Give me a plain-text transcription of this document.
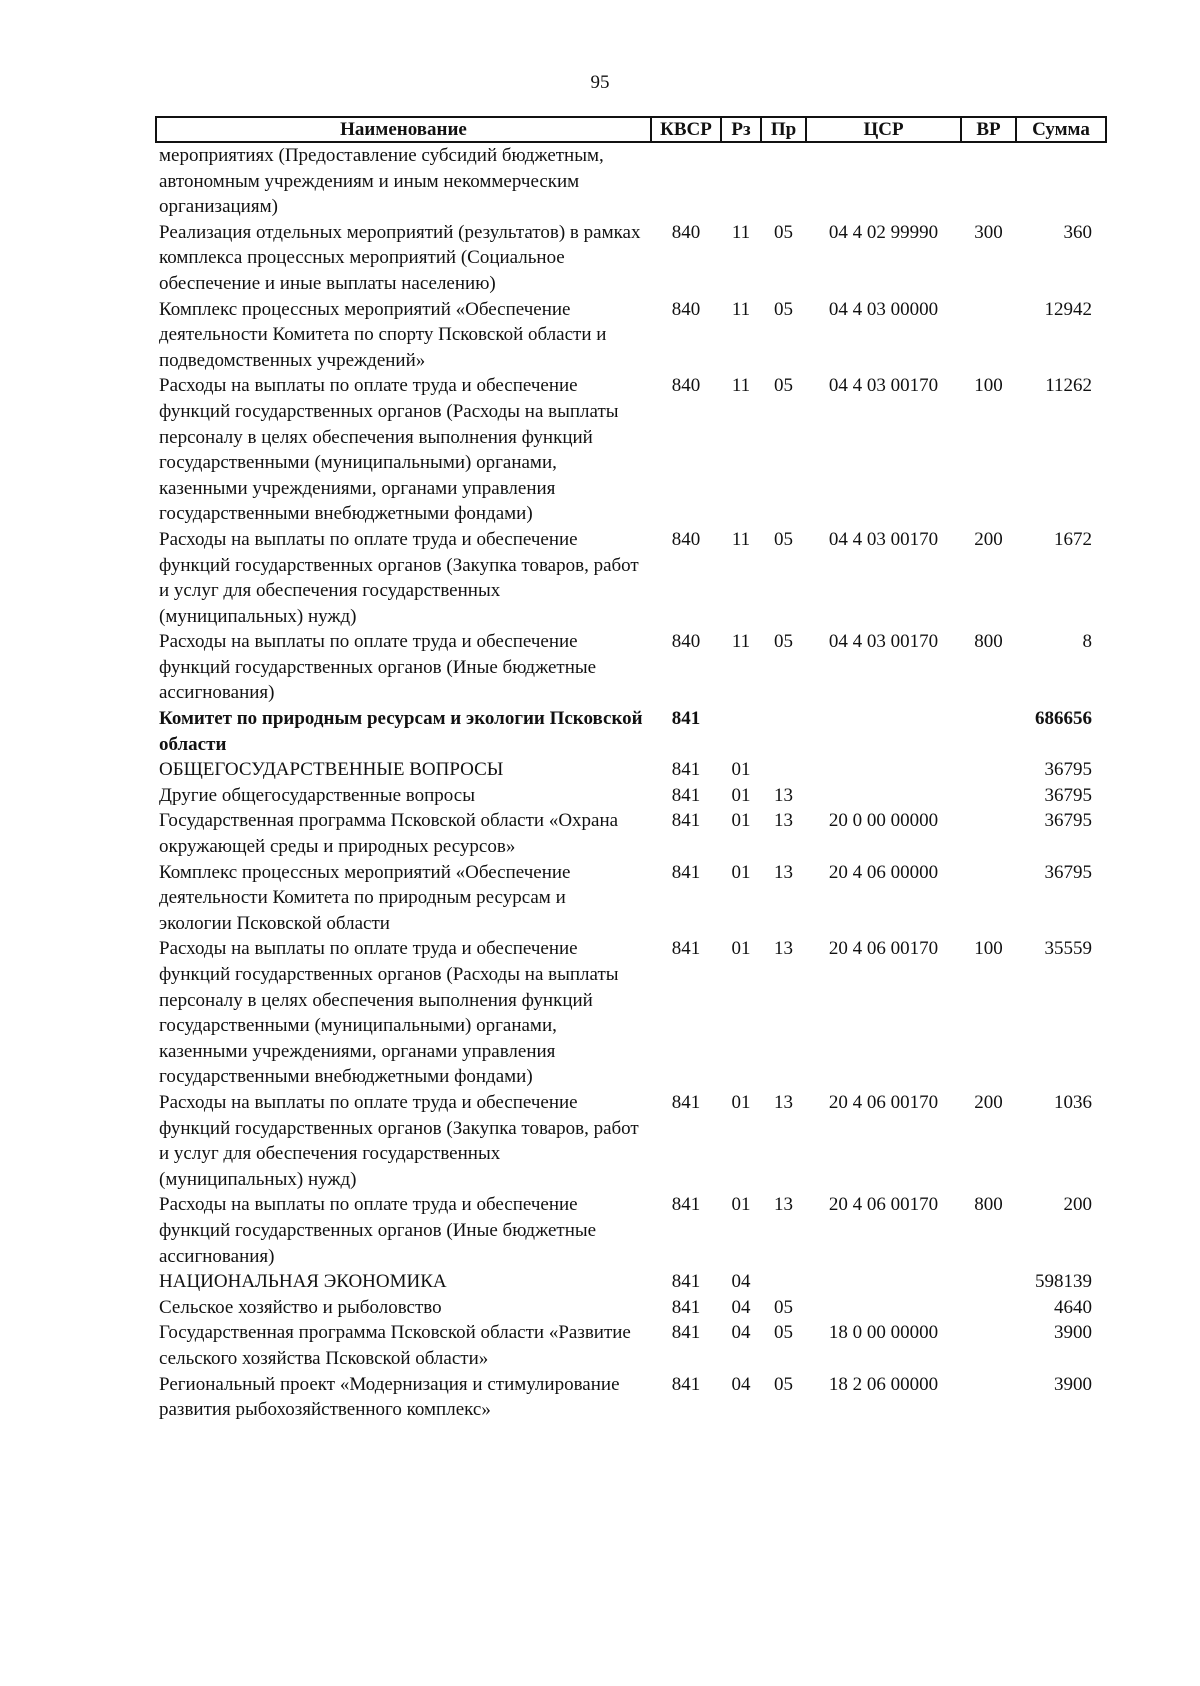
95
Наименование	КВСР	Рз	Пр	ЦСР	ВР	Сумма
мероприятиях (Предоставление субсидий бюджетным, автономным учреждениям и иным некоммерческим организациям)						
Реализация отдельных мероприятий (результатов) в рамках комплекса процессных мероприятий (Социальное обеспечение и иные выплаты населению)	840	11	05	04 4 02 99990	300	360
Комплекс процессных мероприятий «Обеспечение деятельности Комитета по спорту Псковской области и подведомственных учреждений»	840	11	05	04 4 03 00000		12942
Расходы на выплаты по оплате труда и обеспечение функций государственных органов (Расходы на выплаты персоналу в целях обеспечения выполнения функций государственными (муниципальными) органами, казенными учреждениями, органами управления государственными внебюджетными фондами)	840	11	05	04 4 03 00170	100	11262
Расходы на выплаты по оплате труда и обеспечение функций государственных органов (Закупка товаров, работ и услуг для обеспечения государственных (муниципальных) нужд)	840	11	05	04 4 03 00170	200	1672
Расходы на выплаты по оплате труда и обеспечение функций государственных органов (Иные бюджетные ассигнования)	840	11	05	04 4 03 00170	800	8
Комитет по природным ресурсам и экологии Псковской области	841					686656
ОБЩЕГОСУДАРСТВЕННЫЕ ВОПРОСЫ	841	01				36795
Другие общегосударственные вопросы	841	01	13			36795
Государственная программа Псковской области «Охрана окружающей среды и природных ресурсов»	841	01	13	20 0 00 00000		36795
Комплекс процессных мероприятий «Обеспечение деятельности Комитета по природным ресурсам и экологии Псковской области	841	01	13	20 4 06 00000		36795
Расходы на выплаты по оплате труда и обеспечение функций государственных органов (Расходы на выплаты персоналу в целях обеспечения выполнения функций государственными (муниципальными) органами, казенными учреждениями, органами управления государственными внебюджетными фондами)	841	01	13	20 4 06 00170	100	35559
Расходы на выплаты по оплате труда и обеспечение функций государственных органов (Закупка товаров, работ и услуг для обеспечения государственных (муниципальных) нужд)	841	01	13	20 4 06 00170	200	1036
Расходы на выплаты по оплате труда и обеспечение функций государственных органов (Иные бюджетные ассигнования)	841	01	13	20 4 06 00170	800	200
НАЦИОНАЛЬНАЯ ЭКОНОМИКА	841	04				598139
Сельское хозяйство и рыболовство	841	04	05			4640
Государственная программа Псковской области «Развитие сельского хозяйства Псковской области»	841	04	05	18 0 00 00000		3900
Региональный проект «Модернизация и стимулирование развития рыбохозяйственного комплекс»	841	04	05	18 2 06 00000		3900
